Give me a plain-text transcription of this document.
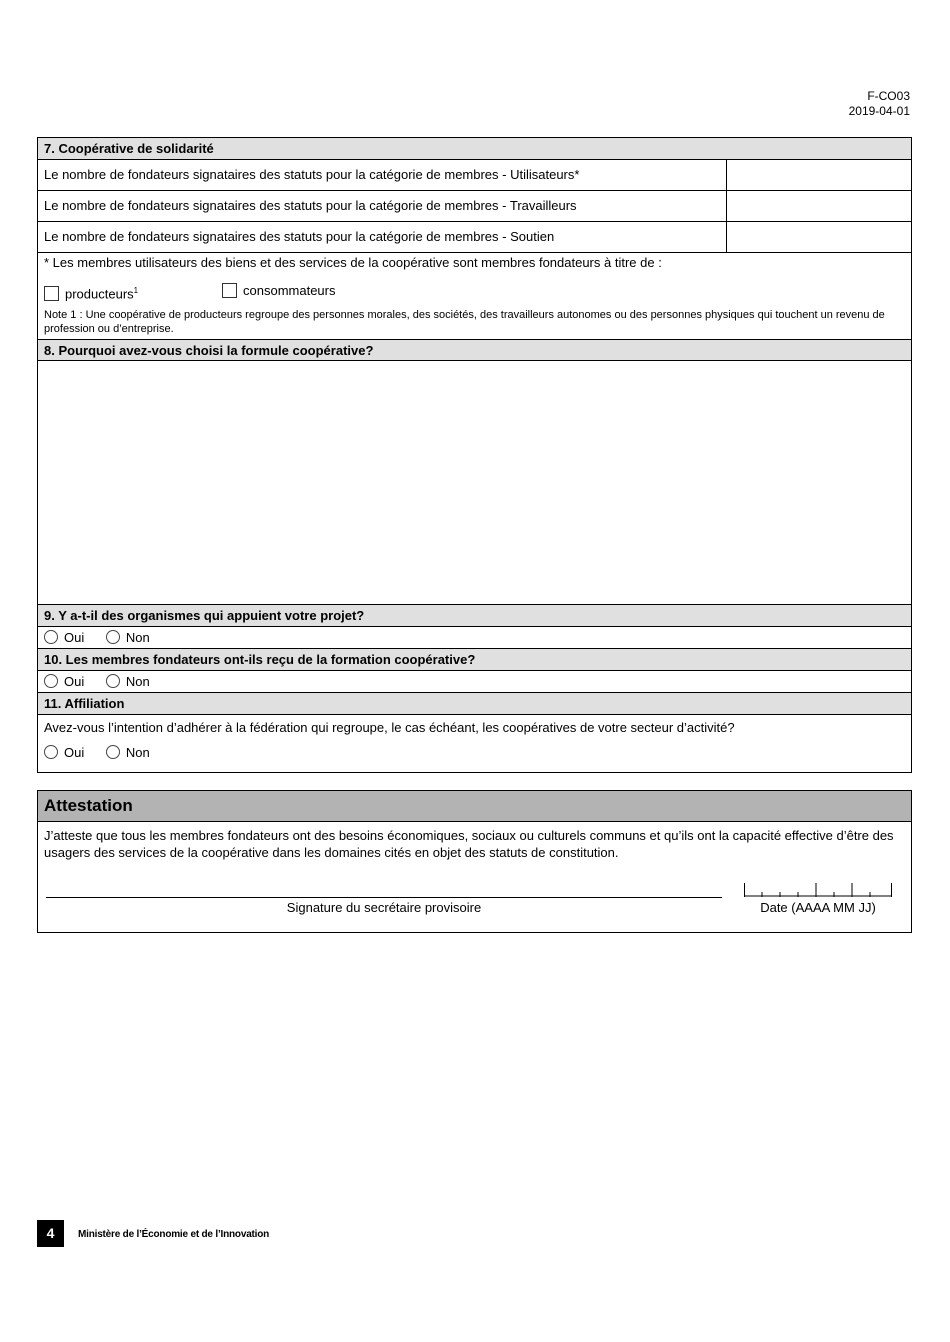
F-CO03
2019-04-01
7. Coopérative de solidarité
Le nombre de fondateurs signataires des statuts pour la catégorie de membres - Utilisateurs*
Le nombre de fondateurs signataires des statuts pour la catégorie de membres - Travailleurs
Le nombre de fondateurs signataires des statuts pour la catégorie de membres - Soutien
* Les membres utilisateurs des biens et des services de la coopérative sont membres fondateurs à titre de :
producteurs$^1$	consommateurs
Note 1 : Une coopérative de producteurs regroupe des personnes morales, des sociétés, des travailleurs autonomes ou des personnes physiques qui touchent un revenu de profession ou d’entreprise.
8. Pourquoi avez-vous choisi la formule coopérative?
9. Y a-t-il des organismes qui appuient votre projet?
Oui	Non
10. Les membres fondateurs ont-ils reçu de la formation coopérative?
Oui	Non
11. Affiliation
Avez-vous l’intention d’adhérer à la fédération qui regroupe, le cas échéant, les coopératives de votre secteur d’activité?
Oui	Non
Attestation
J’atteste que tous les membres fondateurs ont des besoins économiques, sociaux ou culturels communs et qu’ils ont la capacité effective d’être des usagers des services de la coopérative dans les domaines cités en objet des statuts de constitution.
Signature du secrétaire provisoire	Date (AAAA MM JJ)
4	Ministère de l’Économie et de l’Innovation
